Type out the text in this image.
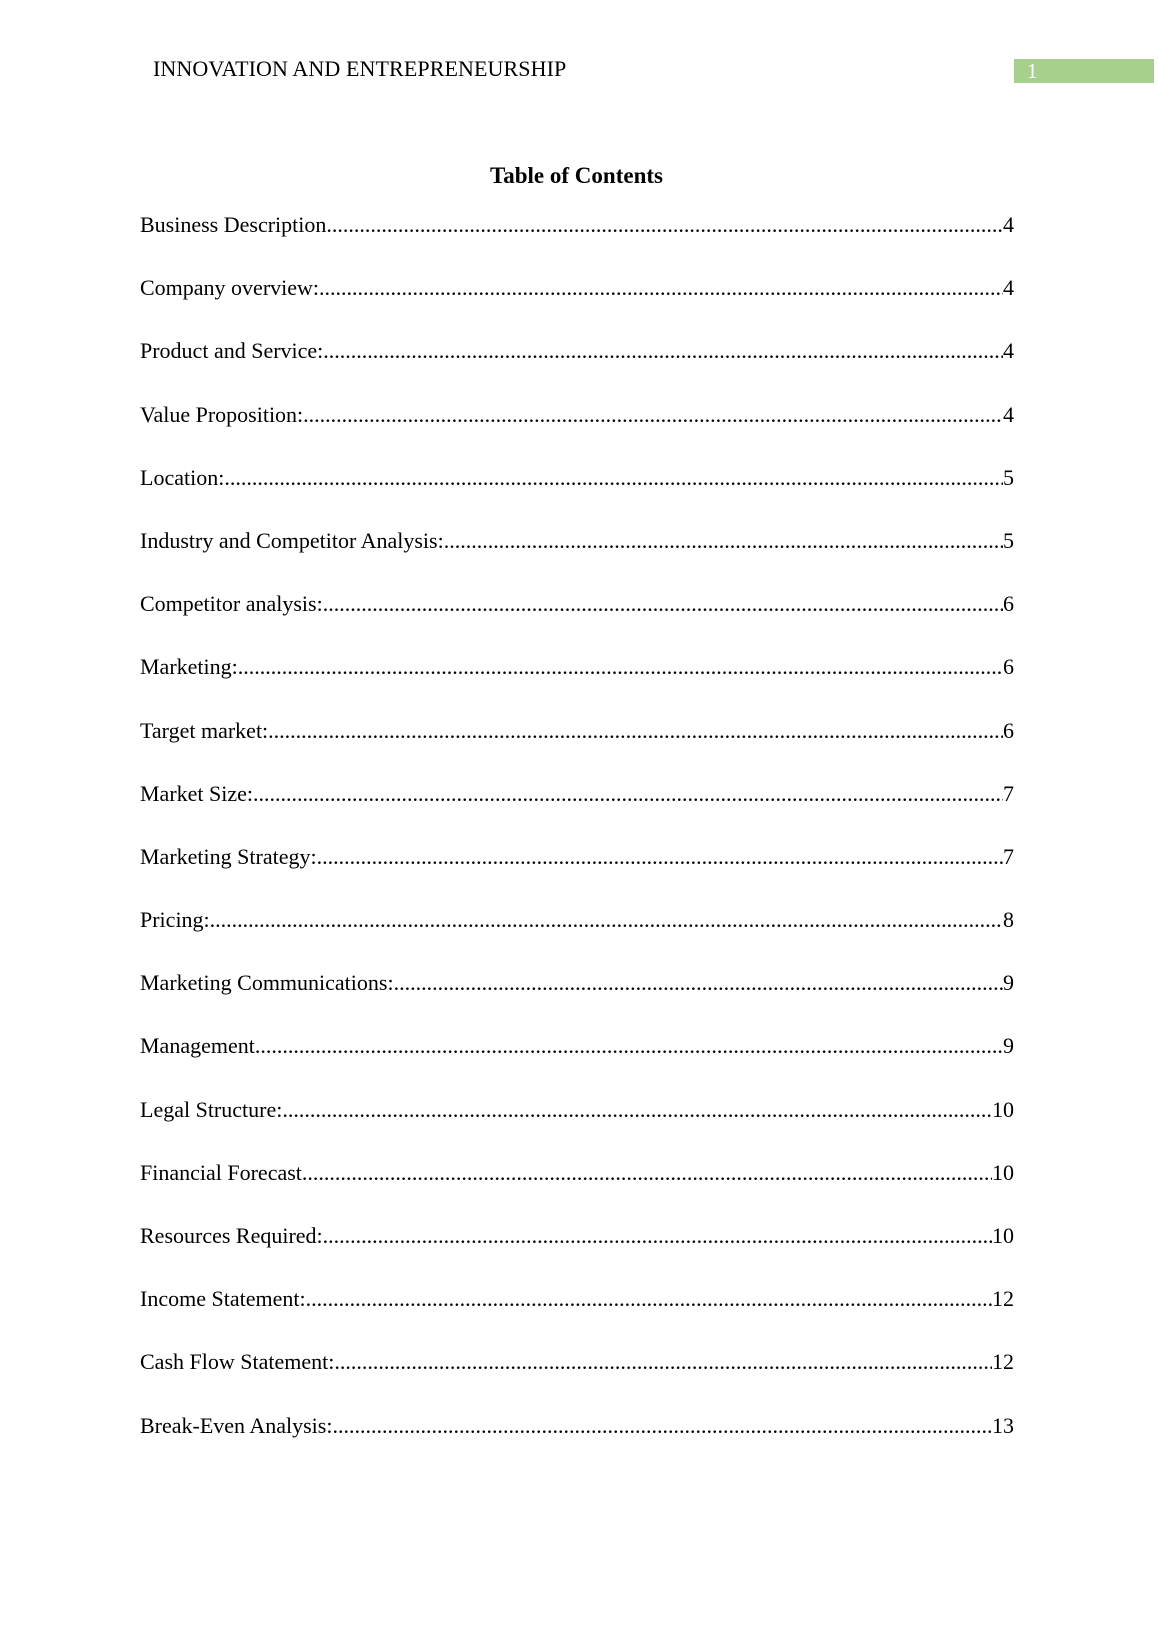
INNOVATION AND ENTREPRENEURSHIP	1
Table of Contents
Business Description .....	4
Company overview: .....	4
Product and Service: .....	4
Value Proposition: .....	4
Location: .....	5
Industry and Competitor Analysis: .....	5
Competitor analysis: .....	6
Marketing: .....	6
Target market: .....	6
Market Size: .....	7
Marketing Strategy: .....	7
Pricing: .....	8
Marketing Communications: .....	9
Management .....	9
Legal Structure: .....	10
Financial Forecast .....	10
Resources Required: .....	10
Income Statement: .....	12
Cash Flow Statement: .....	12
Break-Even Analysis: .....	13
